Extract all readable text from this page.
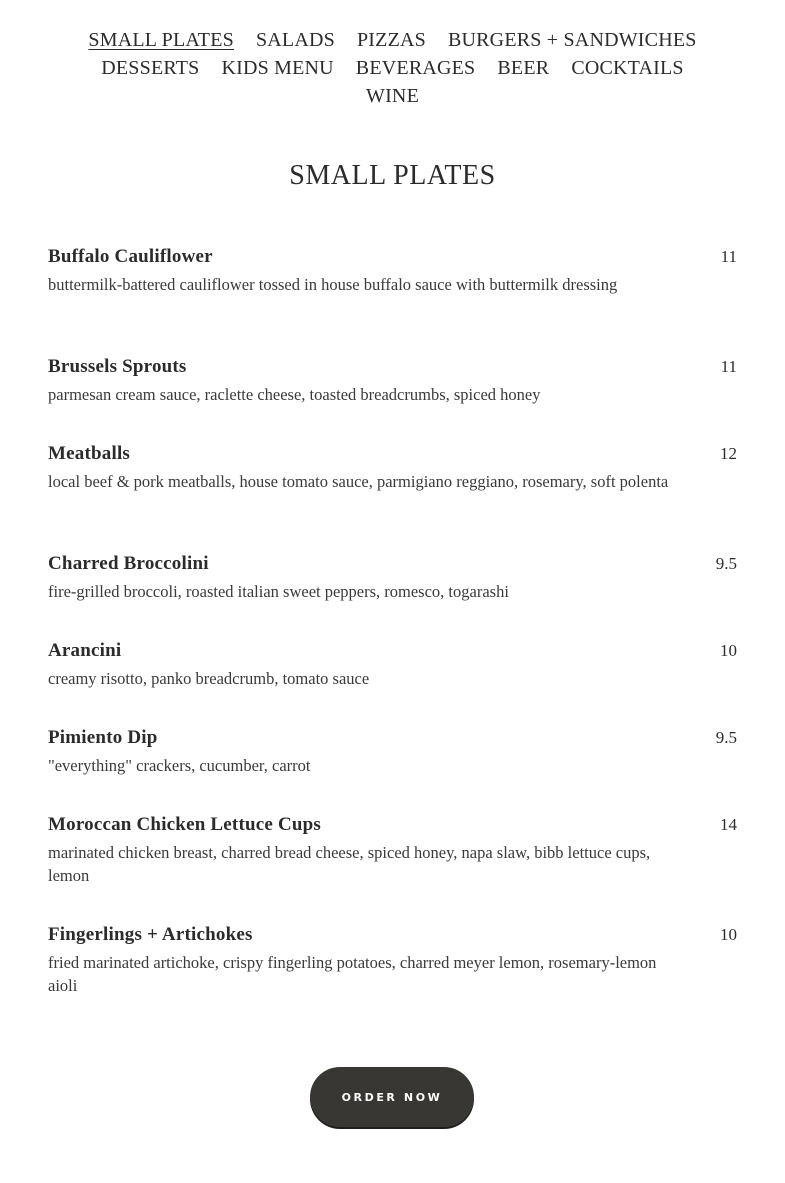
SMALL PLATES SALADS PIZZAS BURGERS + SANDWICHES
DESSERTS KIDS MENU BEVERAGES BEER COCKTAILS
WINE
SMALL PLATES
Buffalo Cauliflower	11
buttermilk-battered cauliflower tossed in house buffalo sauce with buttermilk dressing
Brussels Sprouts	11
parmesan cream sauce, raclette cheese, toasted breadcrumbs, spiced honey
Meatballs	12
local beef & pork meatballs, house tomato sauce, parmigiano reggiano, rosemary, soft polenta
Charred Broccolini	9.5
fire-grilled broccoli, roasted italian sweet peppers, romesco, togarashi
Arancini	10
creamy risotto, panko breadcrumb, tomato sauce
Pimiento Dip	9.5
"everything" crackers, cucumber, carrot
Moroccan Chicken Lettuce Cups	14
marinated chicken breast, charred bread cheese, spiced honey, napa slaw, bibb lettuce cups, lemon
Fingerlings + Artichokes	10
fried marinated artichoke, crispy fingerling potatoes, charred meyer lemon, rosemary-lemon aioli
ORDER NOW
